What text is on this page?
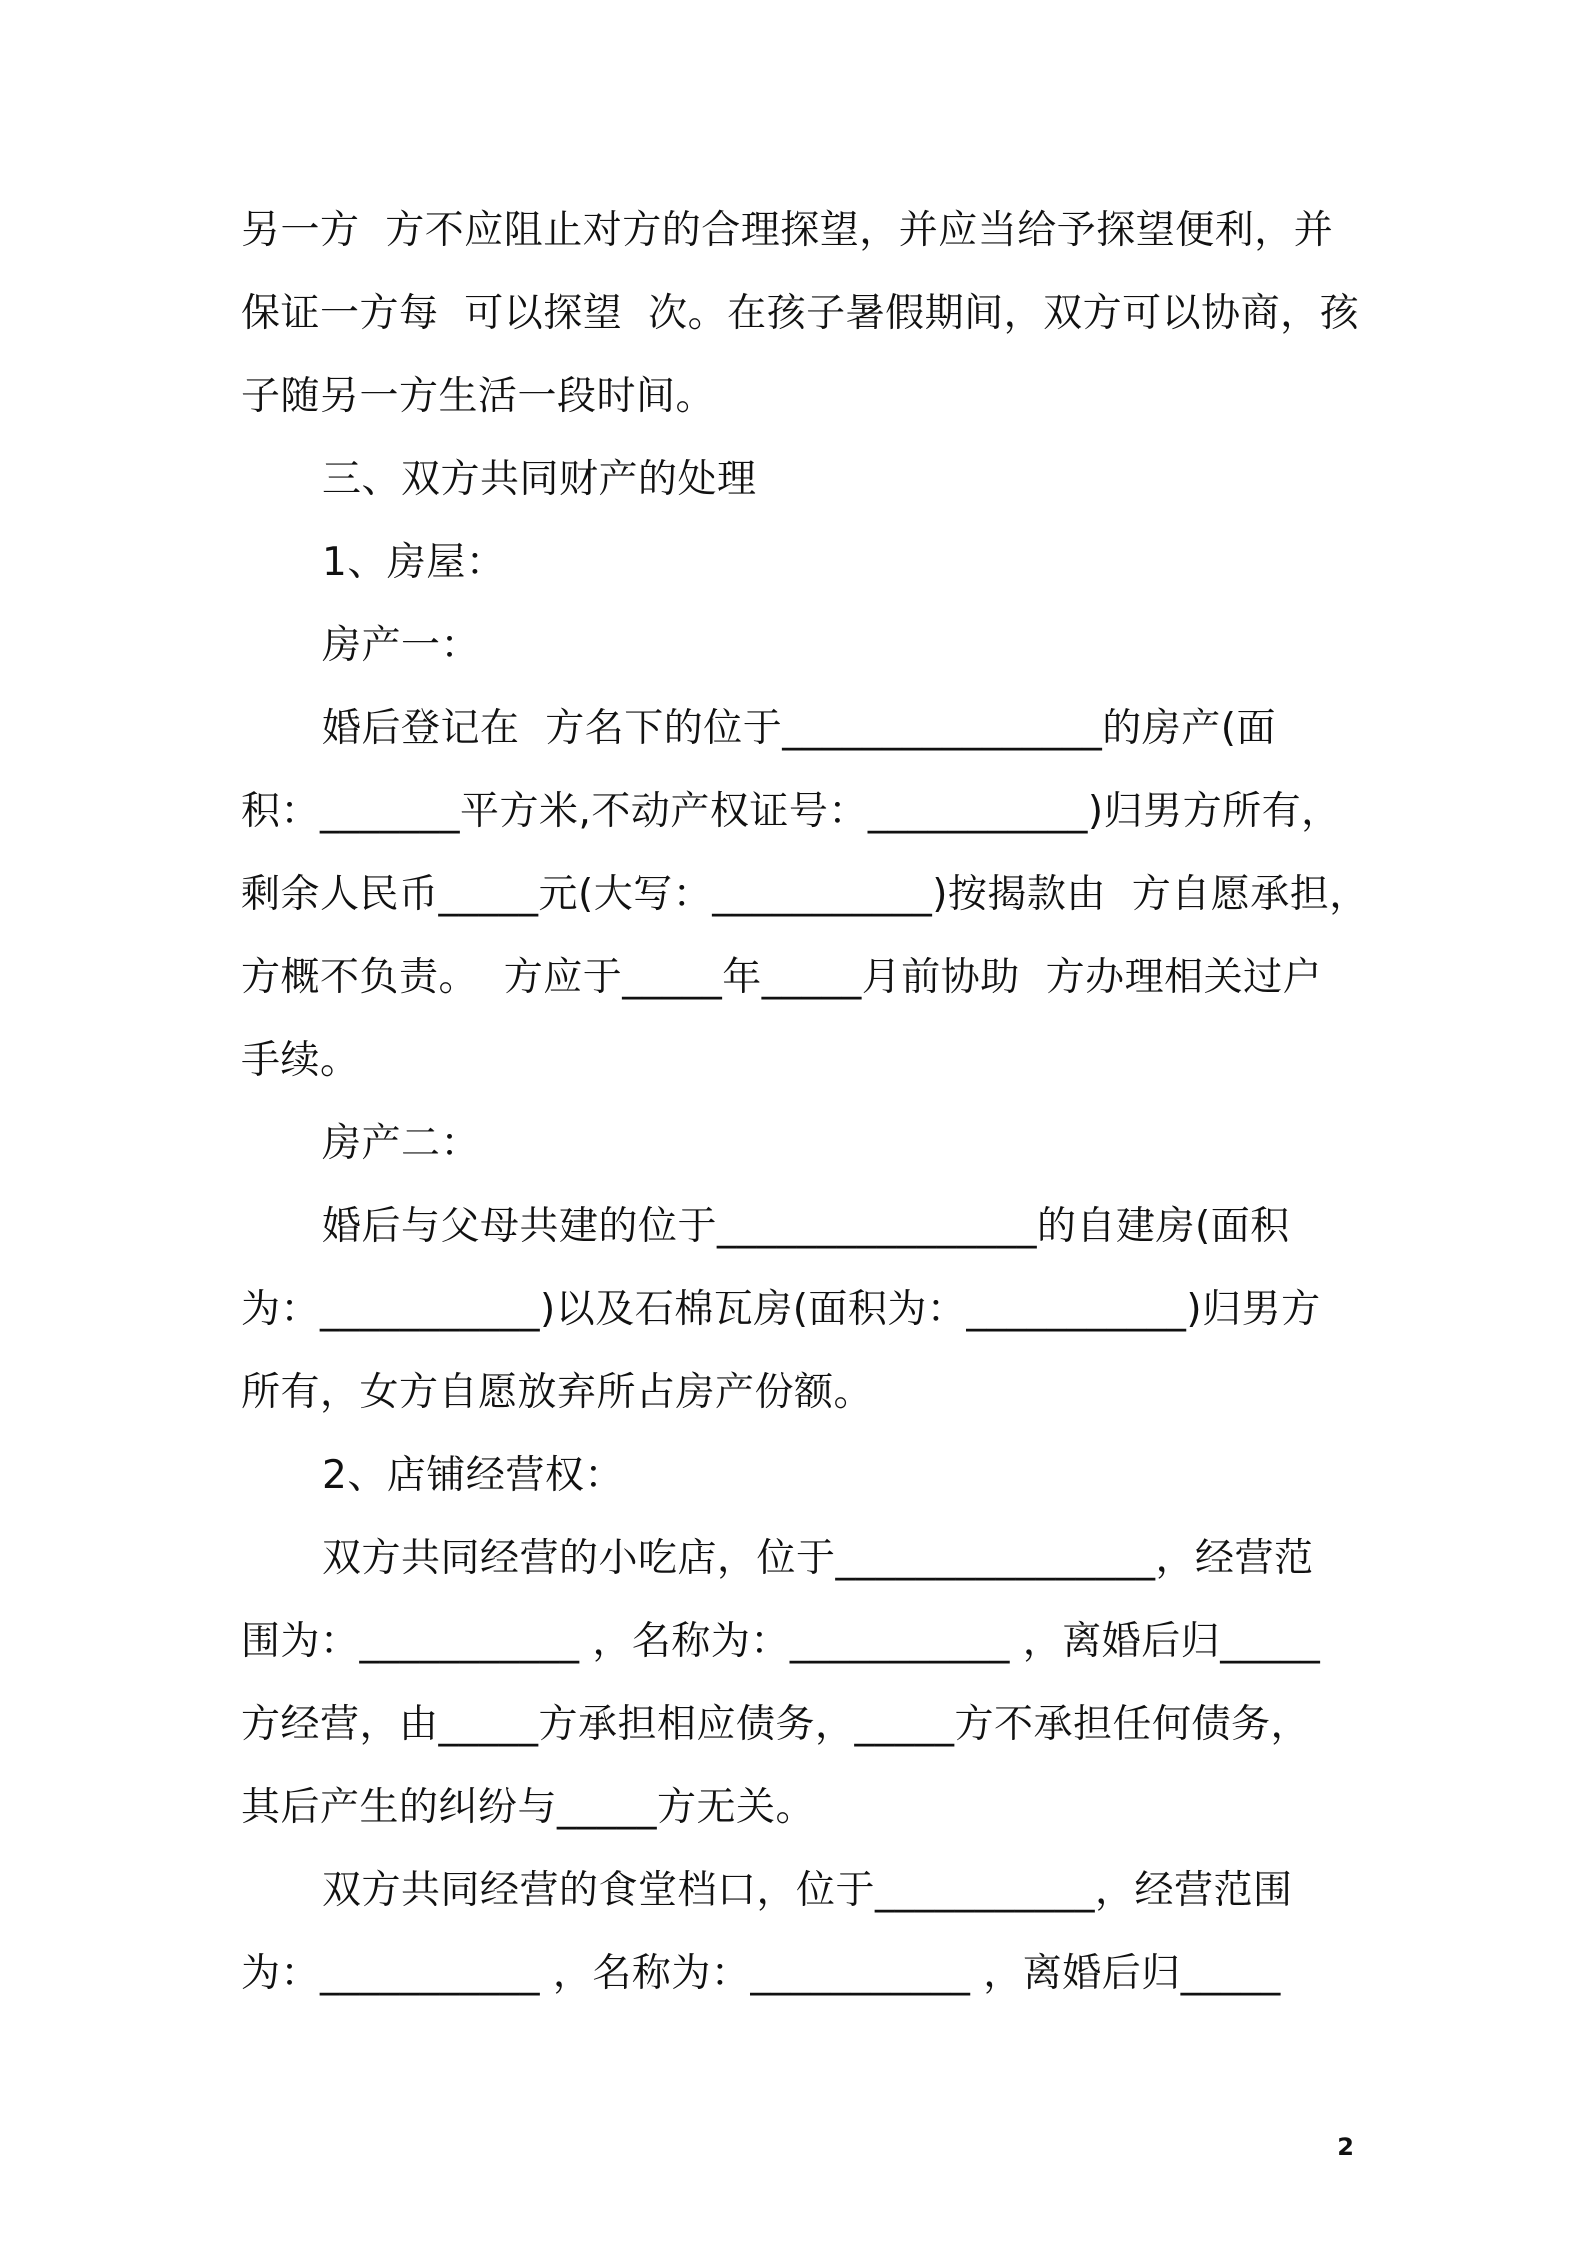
另一方  方不应阻止对方的合理探望，并应当给予探望便利，并
保证一方每  可以探望  次。在孩子暑假期间，双方可以协商，孩
子随另一方生活一段时间。
三、双方共同财产的处理
1、房屋：
房产一：
婚后登记在  方名下的位于________________的房产(面
积：_______平方米,不动产权证号：___________)归男方所有，
剩余人民币_____元(大写：___________)按揭款由  方自愿承担，
方概不负责。  方应于_____年_____月前协助  方办理相关过户
手续。
房产二：
婚后与父母共建的位于________________的自建房(面积
为：___________)以及石棉瓦房(面积为：___________)归男方
所有，女方自愿放弃所占房产份额。
2、店铺经营权：
双方共同经营的小吃店，位于________________，经营范
围为：___________ ，名称为：___________ ，离婚后归_____
方经营，由_____方承担相应债务，_____方不承担任何债务，
其后产生的纠纷与_____方无关。
双方共同经营的食堂档口，位于___________，经营范围
为：___________ ，名称为：___________ ，离婚后归_____
2
